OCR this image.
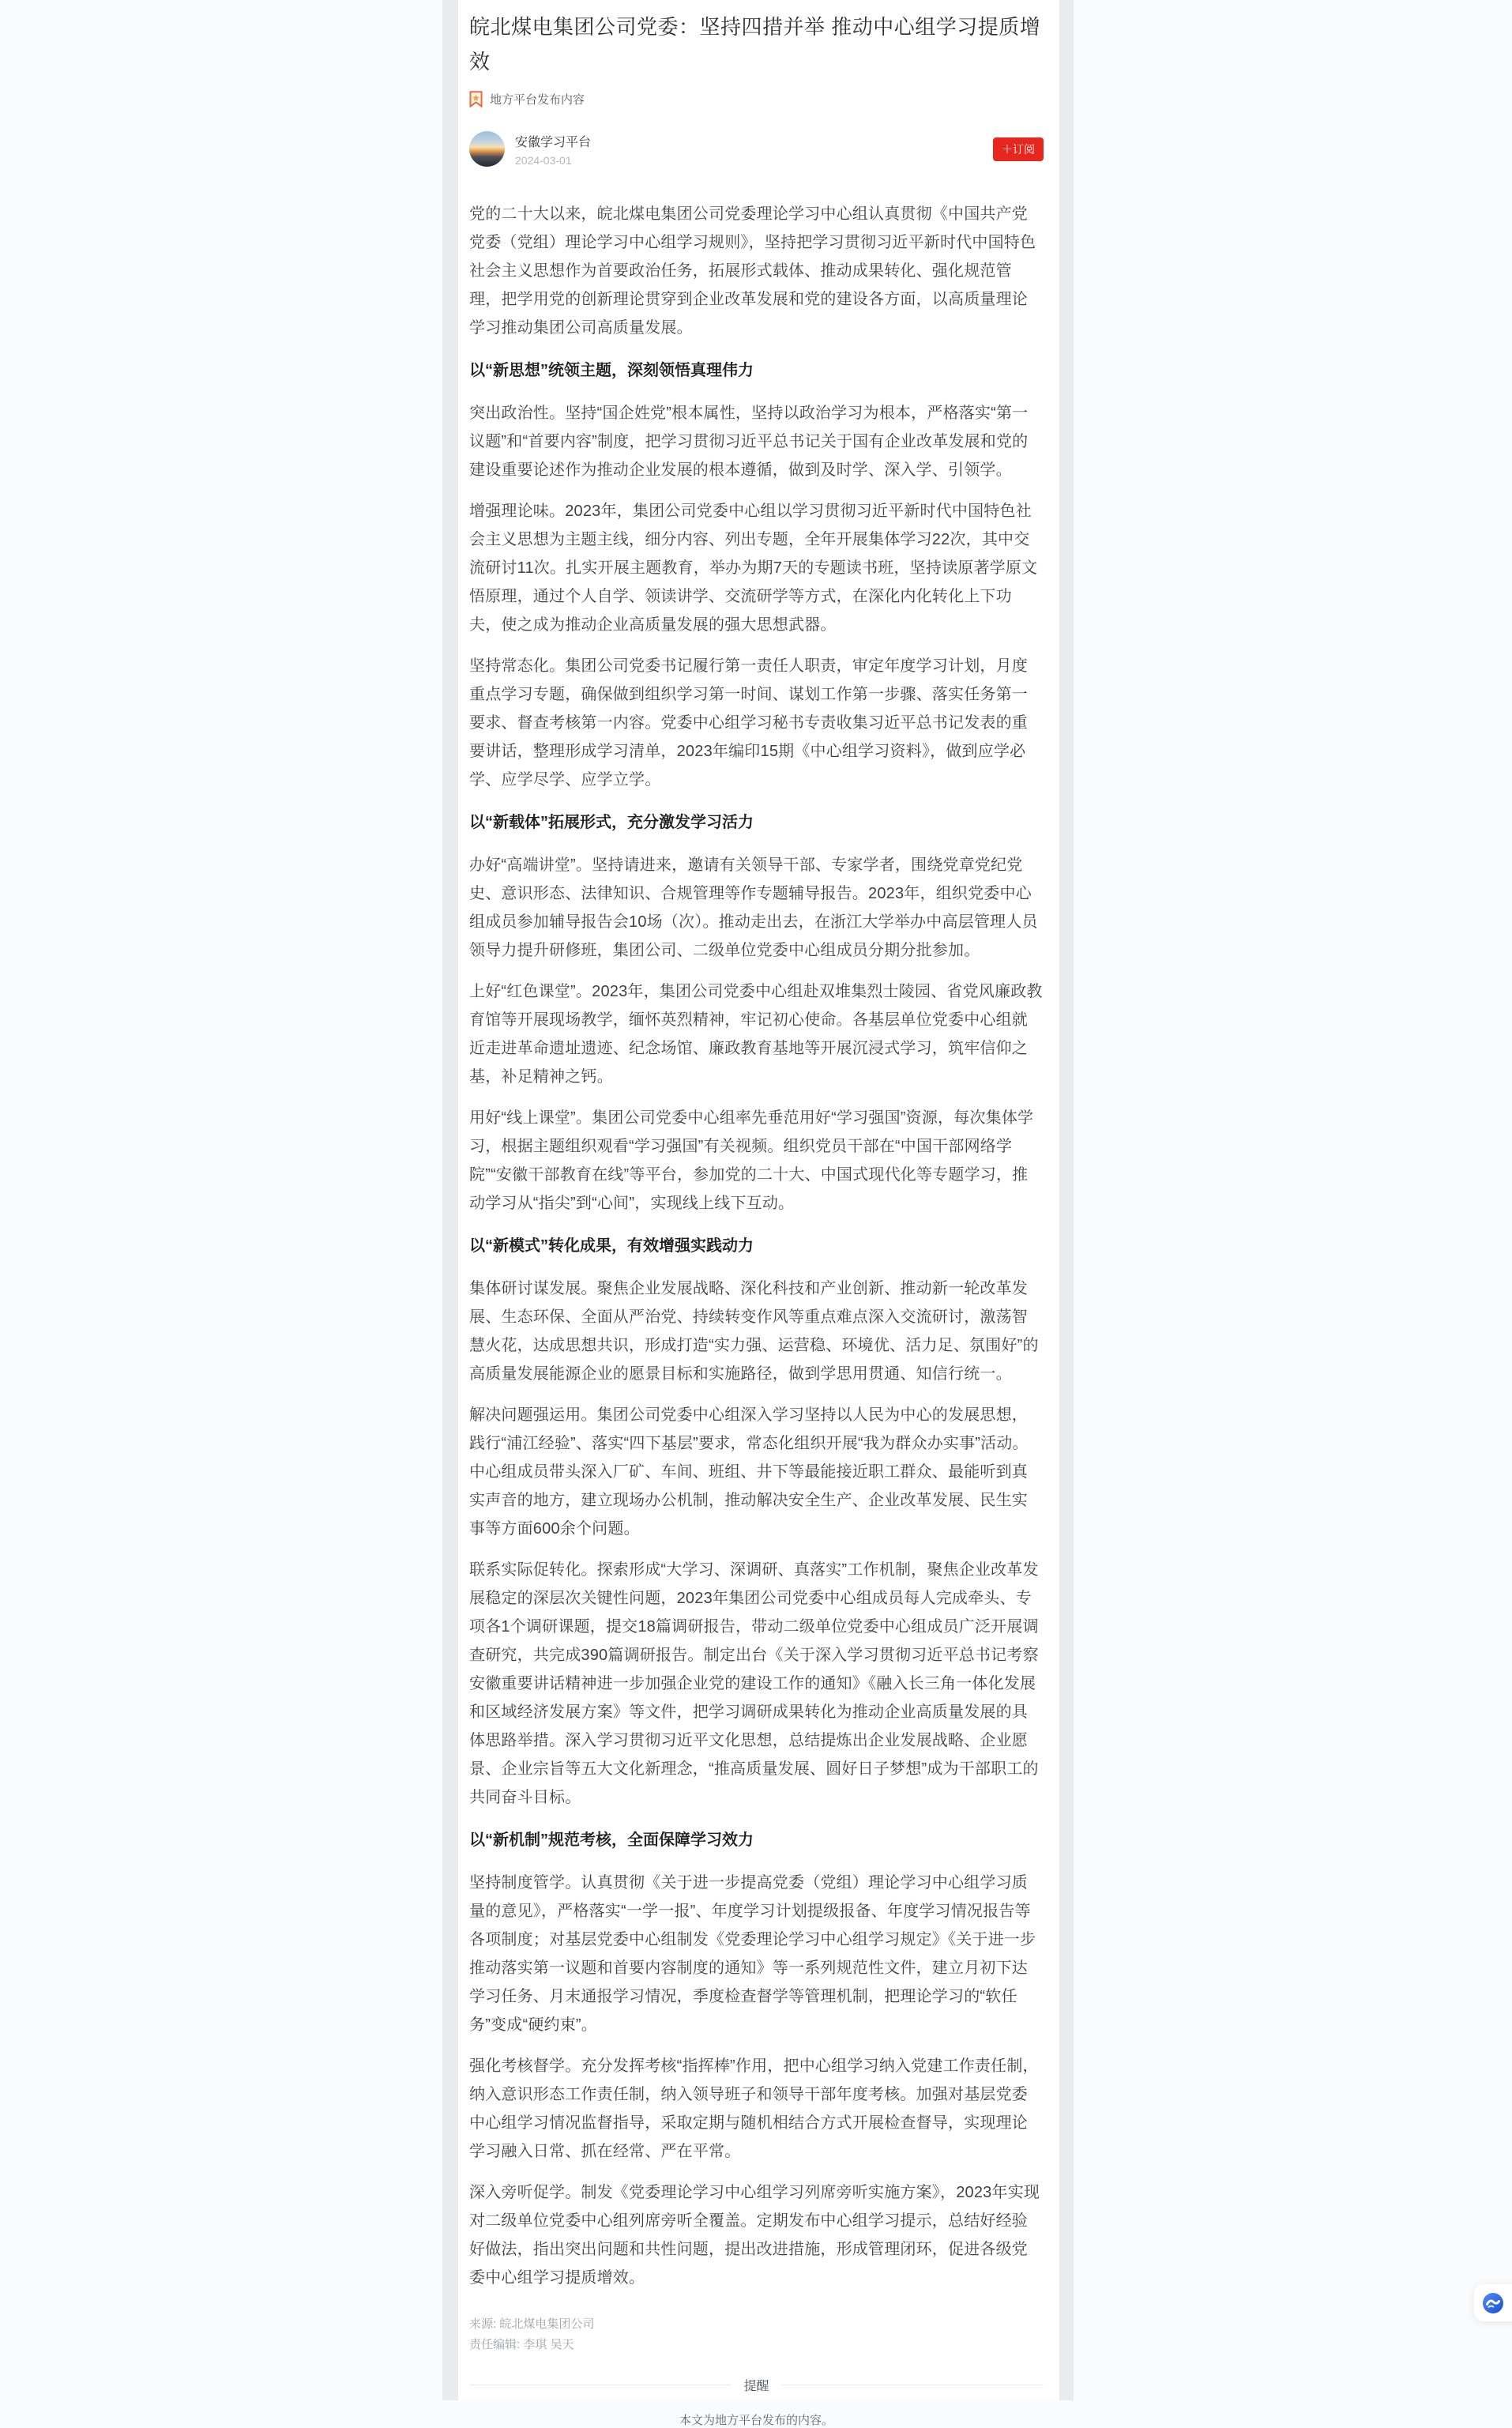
皖北煤电集团公司党委：坚持四措并举 推动中心组学习提质增效
地方平台发布内容
安徽学习平台
2024-03-01
＋订阅

党的二十大以来，皖北煤电集团公司党委理论学习中心组认真贯彻《中国共产党党委（党组）理论学习中心组学习规则》，坚持把学习贯彻习近平新时代中国特色社会主义思想作为首要政治任务，拓展形式载体、推动成果转化、强化规范管理，把学用党的创新理论贯穿到企业改革发展和党的建设各方面，以高质量理论学习推动集团公司高质量发展。

以“新思想”统领主题，深刻领悟真理伟力

突出政治性。坚持“国企姓党”根本属性，坚持以政治学习为根本，严格落实“第一议题”和“首要内容”制度，把学习贯彻习近平总书记关于国有企业改革发展和党的建设重要论述作为推动企业发展的根本遵循，做到及时学、深入学、引领学。

增强理论味。2023年，集团公司党委中心组以学习贯彻习近平新时代中国特色社会主义思想为主题主线，细分内容、列出专题，全年开展集体学习22次，其中交流研讨11次。扎实开展主题教育，举办为期7天的专题读书班，坚持读原著学原文悟原理，通过个人自学、领读讲学、交流研学等方式，在深化内化转化上下功夫，使之成为推动企业高质量发展的强大思想武器。

坚持常态化。集团公司党委书记履行第一责任人职责，审定年度学习计划，月度重点学习专题，确保做到组织学习第一时间、谋划工作第一步骤、落实任务第一要求、督查考核第一内容。党委中心组学习秘书专责收集习近平总书记发表的重要讲话，整理形成学习清单，2023年编印15期《中心组学习资料》，做到应学必学、应学尽学、应学立学。

以“新载体”拓展形式，充分激发学习活力

办好“高端讲堂”。坚持请进来，邀请有关领导干部、专家学者，围绕党章党纪党史、意识形态、法律知识、合规管理等作专题辅导报告。2023年，组织党委中心组成员参加辅导报告会10场（次）。推动走出去，在浙江大学举办中高层管理人员领导力提升研修班，集团公司、二级单位党委中心组成员分期分批参加。

上好“红色课堂”。2023年，集团公司党委中心组赴双堆集烈士陵园、省党风廉政教育馆等开展现场教学，缅怀英烈精神，牢记初心使命。各基层单位党委中心组就近走进革命遗址遗迹、纪念场馆、廉政教育基地等开展沉浸式学习，筑牢信仰之基，补足精神之钙。

用好“线上课堂”。集团公司党委中心组率先垂范用好“学习强国”资源，每次集体学习，根据主题组织观看“学习强国”有关视频。组织党员干部在“中国干部网络学院”“安徽干部教育在线”等平台，参加党的二十大、中国式现代化等专题学习，推动学习从“指尖”到“心间”，实现线上线下互动。

以“新模式”转化成果，有效增强实践动力

集体研讨谋发展。聚焦企业发展战略、深化科技和产业创新、推动新一轮改革发展、生态环保、全面从严治党、持续转变作风等重点难点深入交流研讨，激荡智慧火花，达成思想共识，形成打造“实力强、运营稳、环境优、活力足、氛围好”的高质量发展能源企业的愿景目标和实施路径，做到学思用贯通、知信行统一。

解决问题强运用。集团公司党委中心组深入学习坚持以人民为中心的发展思想，践行“浦江经验”、落实“四下基层”要求，常态化组织开展“我为群众办实事”活动。中心组成员带头深入厂矿、车间、班组、井下等最能接近职工群众、最能听到真实声音的地方，建立现场办公机制，推动解决安全生产、企业改革发展、民生实事等方面600余个问题。

联系实际促转化。探索形成“大学习、深调研、真落实”工作机制，聚焦企业改革发展稳定的深层次关键性问题，2023年集团公司党委中心组成员每人完成牵头、专项各1个调研课题，提交18篇调研报告，带动二级单位党委中心组成员广泛开展调查研究，共完成390篇调研报告。制定出台《关于深入学习贯彻习近平总书记考察安徽重要讲话精神进一步加强企业党的建设工作的通知》《融入长三角一体化发展和区域经济发展方案》等文件，把学习调研成果转化为推动企业高质量发展的具体思路举措。深入学习贯彻习近平文化思想，总结提炼出企业发展战略、企业愿景、企业宗旨等五大文化新理念，“推高质量发展、圆好日子梦想”成为干部职工的共同奋斗目标。

以“新机制”规范考核，全面保障学习效力

坚持制度管学。认真贯彻《关于进一步提高党委（党组）理论学习中心组学习质量的意见》，严格落实“一学一报”、年度学习计划提级报备、年度学习情况报告等各项制度；对基层党委中心组制发《党委理论学习中心组学习规定》《关于进一步推动落实第一议题和首要内容制度的通知》等一系列规范性文件，建立月初下达学习任务、月末通报学习情况，季度检查督学等管理机制，把理论学习的“软任务”变成“硬约束”。

强化考核督学。充分发挥考核“指挥棒”作用，把中心组学习纳入党建工作责任制，纳入意识形态工作责任制，纳入领导班子和领导干部年度考核。加强对基层党委中心组学习情况监督指导，采取定期与随机相结合方式开展检查督导，实现理论学习融入日常、抓在经常、严在平常。

深入旁听促学。制发《党委理论学习中心组学习列席旁听实施方案》，2023年实现对二级单位党委中心组列席旁听全覆盖。定期发布中心组学习提示，总结好经验好做法，指出突出问题和共性问题，提出改进措施，形成管理闭环，促进各级党委中心组学习提质增效。

来源: 皖北煤电集团公司
责任编辑: 李琪 吴天
提醒
本文为地方平台发布的内容。
